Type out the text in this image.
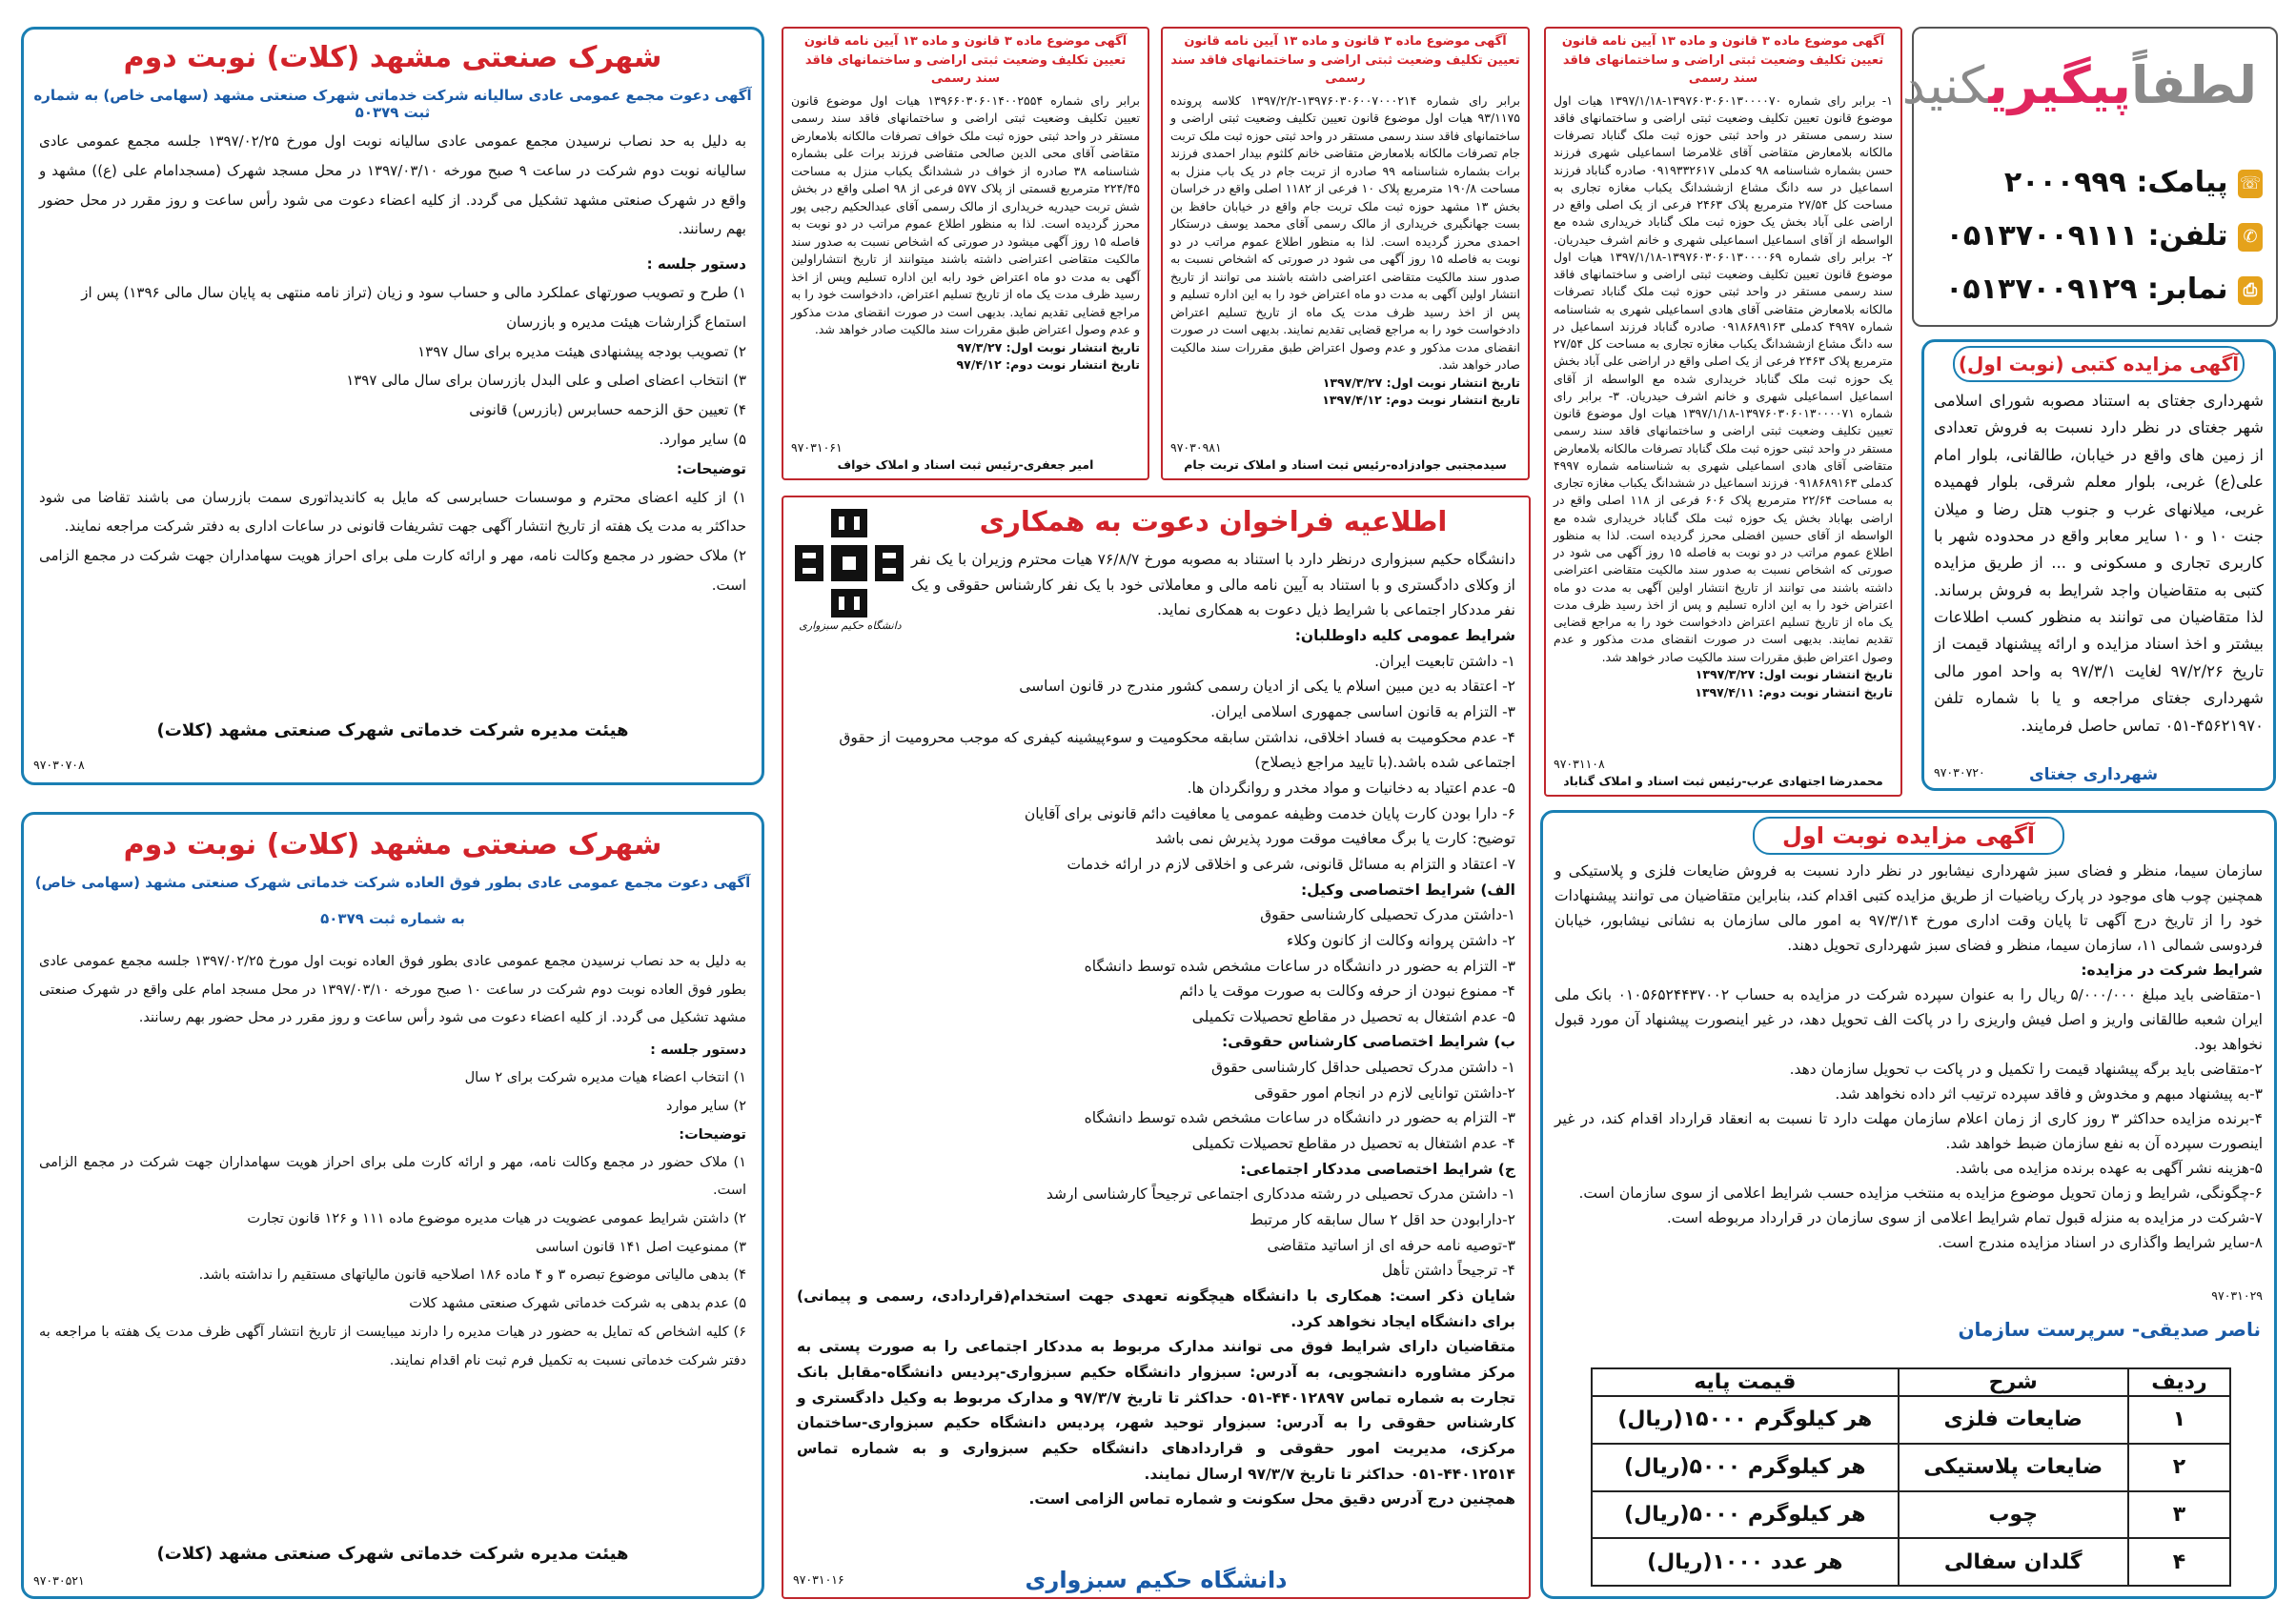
لطفاًپیگیریکنید
☏ پیامک: ۲۰۰۰۹۹۹
✆ تلفن: ۰۵۱۳۷۰۰۹۱۱۱
⎙ نمابر: ۰۵۱۳۷۰۰۹۱۲۹
آگهی مزایده کتبی (نوبت اول)

شهرداری جغتای به استناد مصوبه شورای اسلامی شهر جغتای در نظر دارد نسبت به فروش تعدادی از زمین های واقع در خیابان، طالقانی، بلوار امام علی(ع) غربی، بلوار معلم شرقی، بلوار فهمیده غربی، میلانهای غرب و جنوب هتل رضا و میلان جنت ۱۰ و ۱۰ سایر معابر واقع در محدوده شهر با کاربری تجاری و مسکونی و ... از طریق مزایده کتبی به متقاضیان واجد شرایط به فروش برساند. لذا متقاضیان می توانند به منظور کسب اطلاعات بیشتر و اخذ اسناد مزایده و ارائه پیشنهاد قیمت از تاریخ ۹۷/۲/۲۶ لغایت ۹۷/۳/۱ به واحد امور مالی شهرداری جغتای مراجعه و یا با شماره تلفن ۴۵۶۲۱۹۷۰-۰۵۱ تماس حاصل فرمایند.

۹۷۰۳۰۷۲۰	شهرداری جغتای
آگهی مزایده نوبت اول

سازمان سیما، منظر و فضای سبز شهرداری نیشابور در نظر دارد نسبت به فروش ضایعات فلزی و پلاستیکی و همچنین چوب های موجود در پارک ریاضیات از طریق مزایده کتبی اقدام کند، بنابراین متقاضیان می توانند پیشنهادات خود را از تاریخ درج آگهی تا پایان وقت اداری مورخ ۹۷/۳/۱۴ به امور مالی سازمان به نشانی نیشابور، خیابان فردوسی شمالی ۱۱، سازمان سیما، منظر و فضای سبز شهرداری تحویل دهند.

شرایط شرکت در مزایده:

۱-متقاضی باید مبلغ ۵/۰۰۰/۰۰۰ ریال را به عنوان سپرده شرکت در مزایده به حساب ۰۱۰۵۶۵۲۴۴۳۷۰۰۲ بانک ملی ایران شعبه طالقانی واریز و اصل فیش واریزی را در پاکت الف تحویل دهد، در غیر اینصورت پیشنهاد آن مورد قبول نخواهد بود.
۲-متقاضی باید برگه پیشنهاد قیمت را تکمیل و در پاکت ب تحویل سازمان دهد.
۳-به پیشنهاد مبهم و مخدوش و فاقد سپرده ترتیب اثر داده نخواهد شد.
۴-برنده مزایده حداکثر ۳ روز کاری از زمان اعلام سازمان مهلت دارد تا نسبت به انعقاد قرارداد اقدام کند، در غیر اینصورت سپرده آن به نفع سازمان ضبط خواهد شد.
۵-هزینه نشر آگهی به عهده برنده مزایده می باشد.
۶-چگونگی، شرایط و زمان تحویل موضوع مزایده به منتخب مزایده حسب شرایط اعلامی از سوی سازمان است.
۷-شرکت در مزایده به منزله قبول تمام شرایط اعلامی از سوی سازمان در قرارداد مربوطه است.
۸-سایر شرایط واگذاری در اسناد مزایده مندرج است.
۹۷۰۳۱۰۲۹
ناصر صدیقی- سرپرست سازمان
ردیف	شرح	قیمت پایه
۱	ضایعات فلزی	هر کیلوگرم ۱۵۰۰۰(ریال)
۲	ضایعات پلاستیکی	هر کیلوگرم ۵۰۰۰(ریال)
۳	چوب	هر کیلوگرم ۵۰۰۰(ریال)
۴	گلدان سفالی	هر عدد ۱۰۰۰(ریال)
آگهی موضوع ماده ۳ قانون و ماده ۱۳ آیین نامه قانون تعیین تکلیف وضعیت ثبتی اراضی و ساختمانهای فاقد سند رسمی

۱- برابر رای شماره ۱۳۹۷۶۰۳۰۶۰۱۳۰۰۰۰۷۰-۱۳۹۷/۱/۱۸ هیات اول موضوع قانون تعیین تکلیف وضعیت ثبتی اراضی و ساختمانهای فاقد سند رسمی مستقر در واحد ثبتی حوزه ثبت ملک گناباد تصرفات مالکانه بلامعارض متقاضی آقای غلامرضا اسماعیلی شهری فرزند حسن بشماره شناسنامه ۹۸ کدملی ۰۹۱۹۳۳۲۶۱۷ صادره گناباد فرزند اسماعیل در سه دانگ مشاع ازششدانگ یکباب مغازه تجاری به مساحت کل ۲۷/۵۴ مترمربع پلاک ۲۴۶۳ فرعی از یک اصلی واقع در اراضی علی آباد بخش یک حوزه ثبت ملک گناباد خریداری شده مع الواسطه از آقای اسماعیل اسماعیلی شهری و خانم اشرف حیدریان. ۲- برابر رای شماره ۱۳۹۷۶۰۳۰۶۰۱۳۰۰۰۰۶۹-۱۳۹۷/۱/۱۸ هیات اول موضوع قانون تعیین تکلیف وضعیت ثبتی اراضی و ساختمانهای فاقد سند رسمی مستقر در واحد ثبتی حوزه ثبت ملک گناباد تصرفات مالکانه بلامعارض متقاضی آقای هادی اسماعیلی شهری به شناسنامه شماره ۴۹۹۷ کدملی ۰۹۱۸۶۸۹۱۶۳ صادره گناباد فرزند اسماعیل در سه دانگ مشاع ازششدانگ یکباب مغازه تجاری به مساحت کل ۲۷/۵۴ مترمربع پلاک ۲۴۶۳ فرعی از یک اصلی واقع در اراضی علی آباد بخش یک حوزه ثبت ملک گناباد خریداری شده مع الواسطه از آقای اسماعیل اسماعیلی شهری و خانم اشرف حیدریان. ۳- برابر رای شماره ۱۳۹۷۶۰۳۰۶۰۱۳۰۰۰۰۷۱-۱۳۹۷/۱/۱۸ هیات اول موضوع قانون تعیین تکلیف وضعیت ثبتی اراضی و ساختمانهای فاقد سند رسمی مستقر در واحد ثبتی حوزه ثبت ملک گناباد تصرفات مالکانه بلامعارض متقاضی آقای هادی اسماعیلی شهری به شناسنامه شماره ۴۹۹۷ کدملی ۰۹۱۸۶۸۹۱۶۳ فرزند اسماعیل در ششدانگ یکباب مغازه تجاری به مساحت ۲۲/۶۴ مترمربع پلاک ۶۰۶ فرعی از ۱۱۸ اصلی واقع در اراضی بهاباد بخش یک حوزه ثبت ملک گناباد خریداری شده مع الواسطه از آقای حسین افضلی محرز گردیده است. لذا به منظور اطلاع عموم مراتب در دو نوبت به فاصله ۱۵ روز آگهی می شود در صورتی که اشخاص نسبت به صدور سند مالکیت متقاضی اعتراضی داشته باشند می توانند از تاریخ انتشار اولین آگهی به مدت دو ماه اعتراض خود را به این اداره تسلیم و پس از اخذ رسید ظرف مدت یک ماه از تاریخ تسلیم اعتراض دادخواست خود را به مراجع قضایی تقدیم نمایند. بدیهی است در صورت انقضای مدت مذکور و عدم وصول اعتراض طبق مقررات سند مالکیت صادر خواهد شد.

تاریخ انتشار نوبت اول: ۱۳۹۷/۳/۲۷
تاریخ انتشار نوبت دوم: ۱۳۹۷/۴/۱۱
۹۷۰۳۱۱۰۸
محمدرضا اجتهادی عرب-رئیس ثبت اسناد و املاک گناباد
آگهی موضوع ماده ۳ قانون و ماده ۱۳ آیین نامه قانون تعیین تکلیف وضعیت ثبتی اراضی و ساختمانهای فاقد سند رسمی

برابر رای شماره ۱۳۹۷۶۰۳۰۶۰۰۷۰۰۰۲۱۴-۱۳۹۷/۲/۲ کلاسه پرونده ۹۳/۱۱۷۵ هیات اول موضوع قانون تعیین تکلیف وضعیت ثبتی اراضی و ساختمانهای فاقد سند رسمی مستقر در واحد ثبتی حوزه ثبت ملک تربت جام تصرفات مالکانه بلامعارض متقاضی خانم کلثوم بیدار احمدی فرزند برات بشماره شناسنامه ۹۹ صادره از تربت جام در یک باب منزل به مساحت ۱۹۰/۸ مترمربع پلاک ۱۰ فرعی از ۱۱۸۲ اصلی واقع در خراسان بخش ۱۳ مشهد حوزه ثبت ملک تربت جام واقع در خیابان حافظ بن بست جهانگیری خریداری از مالک رسمی آقای محمد یوسف درستکار احمدی محرز گردیده است. لذا به منظور اطلاع عموم مراتب در دو نوبت به فاصله ۱۵ روز آگهی می شود در صورتی که اشخاص نسبت به صدور سند مالکیت متقاضی اعتراضی داشته باشند می توانند از تاریخ انتشار اولین آگهی به مدت دو ماه اعتراض خود را به این اداره تسلیم و پس از اخذ رسید ظرف مدت یک ماه از تاریخ تسلیم اعتراض دادخواست خود را به مراجع قضایی تقدیم نمایند. بدیهی است در صورت انقضای مدت مذکور و عدم وصول اعتراض طبق مقررات سند مالکیت صادر خواهد شد.

تاریخ انتشار نوبت اول: ۱۳۹۷/۳/۲۷
تاریخ انتشار نوبت دوم: ۱۳۹۷/۴/۱۲
۹۷۰۳۰۹۸۱
سیدمجتبی جوادزاده-رئیس ثبت اسناد و املاک تربت جام
آگهی موضوع ماده ۳ قانون و ماده ۱۳ آیین نامه قانون تعیین تکلیف وضعیت ثبتی اراضی و ساختمانهای فاقد سند رسمی

برابر رای شماره ۱۳۹۶۶۰۳۰۶۰۱۴۰۰۲۵۵۴ هیات اول موضوع قانون تعیین تکلیف وضعیت ثبتی اراضی و ساختمانهای فاقد سند رسمی مستقر در واحد ثبتی حوزه ثبت ملک خواف تصرفات مالکانه بلامعارض متقاضی آقای محی الدین صالحی متقاضی فرزند برات علی بشماره شناسنامه ۳۸ صادره از خواف در ششدانگ یکباب منزل به مساحت ۲۲۴/۴۵ مترمربع قسمتی از پلاک ۵۷۷ فرعی از ۹۸ اصلی واقع در بخش شش تربت حیدریه خریداری از مالک رسمی آقای عبدالحکیم رجبی پور محرز گردیده است. لذا به منظور اطلاع عموم مراتب در دو نوبت به فاصله ۱۵ روز آگهی میشود در صورتی که اشخاص نسبت به صدور سند مالکیت متقاضی اعتراضی داشته باشند میتوانند از تاریخ انتشاراولین آگهی به مدت دو ماه اعتراض خود رابه این اداره تسلیم وپس از اخذ رسید ظرف مدت یک ماه از تاریخ تسلیم اعتراض، دادخواست خود را به مراجع قضایی تقدیم نماید. بدیهی است در صورت انقضای مدت مذکور و عدم وصول اعتراض طبق مقررات سند مالکیت صادر خواهد شد.

تاریخ انتشار نوبت اول: ۹۷/۳/۲۷
تاریخ انتشار نوبت دوم: ۹۷/۴/۱۲
۹۷۰۳۱۰۶۱
امیر جعفری-رئیس ثبت اسناد و املاک خواف
دانشگاه حکیم سبزواری
اطلاعیه فراخوان دعوت به همکاری

دانشگاه حکیم سبزواری درنظر دارد با استناد به مصوبه مورخ ۷۶/۸/۷ هیات محترم وزیران با یک نفر از وکلای دادگستری و با استناد به آیین نامه مالی و معاملاتی خود با یک نفر کارشناس حقوقی و یک نفر مددکار اجتماعی با شرایط ذیل دعوت به همکاری نماید.

شرایط عمومی کلیه داوطلبان:
۱- داشتن تابعیت ایران.
۲- اعتقاد به دین مبین اسلام یا یکی از ادیان رسمی کشور مندرج در قانون اساسی
۳- التزام به قانون اساسی جمهوری اسلامی ایران.
۴- عدم محکومیت به فساد اخلاقی، نداشتن سابقه محکومیت و سوءپیشینه کیفری که موجب محرومیت از حقوق اجتماعی شده باشد.(با تایید مراجع ذیصلاح)
۵- عدم اعتیاد به دخانیات و مواد مخدر و روانگردان ها.
۶- دارا بودن کارت پایان خدمت وظیفه عمومی یا معافیت دائم قانونی برای آقایان
توضیح: کارت یا برگ معافیت موقت مورد پذیرش نمی باشد
۷- اعتقاد و التزام به مسائل قانونی، شرعی و اخلاقی لازم در ارائه خدمات
الف) شرایط اختصاصی وکیل:
۱-داشتن مدرک تحصیلی کارشناسی حقوق
۲- داشتن پروانه وکالت از کانون وکلاء
۳- التزام به حضور در دانشگاه در ساعات مشخص شده توسط دانشگاه
۴- ممنوع نبودن از حرفه وکالت به صورت موقت یا دائم
۵- عدم اشتغال به تحصیل در مقاطع تحصیلات تکمیلی
ب) شرایط اختصاصی کارشناس حقوقی:
۱- داشتن مدرک تحصیلی حداقل کارشناسی حقوق
۲-داشتن توانایی لازم در انجام امور حقوقی
۳- التزام به حضور در دانشگاه در ساعات مشخص شده توسط دانشگاه
۴- عدم اشتغال به تحصیل در مقاطع تحصیلات تکمیلی
ج) شرایط اختصاصی مددکار اجتماعی:
۱- داشتن مدرک تحصیلی در رشته مددکاری اجتماعی ترجیحاً کارشناسی ارشد
۲-دارابودن حد اقل ۲ سال سابقه کار مرتبط
۳-توصیه نامه حرفه ای از اساتید متقاضی
۴- ترجیحاً داشتن تأهل

شایان ذکر است: همکاری با دانشگاه هیچگونه تعهدی جهت استخدام(قراردادی، رسمی و پیمانی) برای دانشگاه ایجاد نخواهد کرد.

متقاضیان دارای شرایط فوق می توانند مدارک مربوط به مددکار اجتماعی را به صورت پستی به مرکز مشاوره دانشجویی، به آدرس: سبزوار دانشگاه حکیم سبزواری-پردیس دانشگاه-مقابل بانک تجارت به شماره تماس ۴۴۰۱۲۸۹۷-۰۵۱ حداکثر تا تاریخ ۹۷/۳/۷ و مدارک مربوط به وکیل دادگستری و کارشناس حقوقی را به آدرس: سبزوار توحید شهر، پردیس دانشگاه حکیم سبزواری-ساختمان مرکزی، مدیریت امور حقوقی و قراردادهای دانشگاه حکیم سبزواری و به شماره تماس ۴۴۰۱۲۵۱۴-۰۵۱ حداکثر تا تاریخ ۹۷/۳/۷ ارسال نمایند.

همچنین درج آدرس دقیق محل سکونت و شماره تماس الزامی است.

۹۷۰۳۱۰۱۶	دانشگاه حکیم سبزواری
شهرک صنعتی مشهد (کلات) نوبت دوم
آگهی دعوت مجمع عمومی عادی سالیانه شرکت خدماتی شهرک صنعتی مشهد (سهامی خاص) به شماره ثبت ۵۰۳۷۹

به دلیل به حد نصاب نرسیدن مجمع عمومی عادی سالیانه نوبت اول مورخ ۱۳۹۷/۰۲/۲۵ جلسه مجمع عمومی عادی سالیانه نوبت دوم شرکت در ساعت ۹ صبح مورخه ۱۳۹۷/۰۳/۱۰ در محل مسجد شهرک (مسجدامام علی (ع)) مشهد و واقع در شهرک صنعتی مشهد تشکیل می گردد. از کلیه اعضاء دعوت می شود رأس ساعت و روز مقرر در محل حضور بهم رسانند.

دستور جلسه :
۱) طرح و تصویب صورتهای عملکرد مالی و حساب سود و زیان (تراز نامه منتهی به پایان سال مالی ۱۳۹۶) پس از استماع گزارشات هیئت مدیره و بازرسان
۲) تصویب بودجه پیشنهادی هیئت مدیره برای سال ۱۳۹۷
۳) انتخاب اعضای اصلی و علی البدل بازرسان برای سال مالی ۱۳۹۷
۴) تعیین حق الزحمه حسابرس (بازرس) قانونی
۵) سایر موارد.
توضیحات:
۱) از کلیه اعضای محترم و موسسات حسابرسی که مایل به کاندیداتوری سمت بازرسان می باشند تقاضا می شود حداکثر به مدت یک هفته از تاریخ انتشار آگهی جهت تشریفات قانونی در ساعات اداری به دفتر شرکت مراجعه نمایند.
۲) ملاک حضور در مجمع وکالت نامه، مهر و ارائه کارت ملی برای احراز هویت سهامداران جهت شرکت در مجمع الزامی است.
هیئت مدیره شرکت خدماتی شهرک صنعتی مشهد (کلات)
۹۷۰۳۰۷۰۸
شهرک صنعتی مشهد (کلات) نوبت دوم
آگهی دعوت مجمع عمومی عادی بطور فوق العاده شرکت خدماتی شهرک صنعتی مشهد (سهامی خاص)
به شماره ثبت ۵۰۳۷۹

به دلیل به حد نصاب نرسیدن مجمع عمومی عادی بطور فوق العاده نوبت اول مورخ ۱۳۹۷/۰۲/۲۵ جلسه مجمع عمومی عادی بطور فوق العاده نوبت دوم شرکت در ساعت ۱۰ صبح مورخه ۱۳۹۷/۰۳/۱۰ در محل مسجد امام علی واقع در شهرک صنعتی مشهد تشکیل می گردد. از کلیه اعضاء دعوت می شود رأس ساعت و روز مقرر در محل حضور بهم رسانند.

دستور جلسه :
۱) انتخاب اعضاء هیات مدیره شرکت برای ۲ سال
۲) سایر موارد
توضیحات:
۱) ملاک حضور در مجمع وکالت نامه، مهر و ارائه کارت ملی برای احراز هویت سهامداران جهت شرکت در مجمع الزامی است.
۲) داشتن شرایط عمومی عضویت در هیات مدیره موضوع ماده ۱۱۱ و ۱۲۶ قانون تجارت
۳) ممنوعیت اصل ۱۴۱ قانون اساسی
۴) بدهی مالیاتی موضوع تبصره ۳ و ۴ ماده ۱۸۶ اصلاحیه قانون مالیاتهای مستقیم را نداشته باشد.
۵) عدم بدهی به شرکت خدماتی شهرک صنعتی مشهد کلات
۶) کلیه اشخاص که تمایل به حضور در هیات مدیره را دارند میبایست از تاریخ انتشار آگهی ظرف مدت یک هفته با مراجعه به دفتر شرکت خدماتی نسبت به تکمیل فرم ثبت نام اقدام نمایند.
هیئت مدیره شرکت خدماتی شهرک صنعتی مشهد (کلات)
۹۷۰۳۰۵۲۱
